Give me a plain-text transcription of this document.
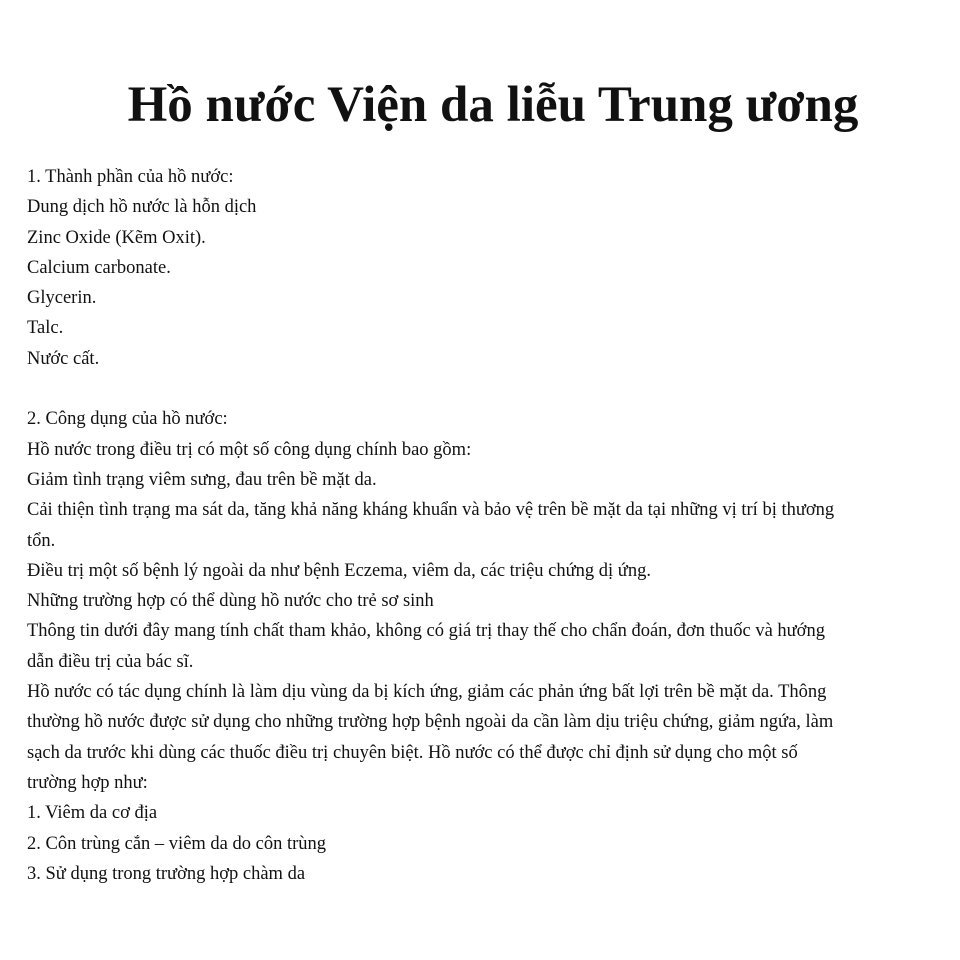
Hồ nước Viện da liễu Trung ương
1. Thành phần của hồ nước:
Dung dịch hồ nước là hỗn dịch
Zinc Oxide (Kẽm Oxit).
Calcium carbonate.
Glycerin.
Talc.
Nước cất.
2. Công dụng của hồ nước:
Hồ nước trong điều trị có một số công dụng chính bao gồm:
Giảm tình trạng viêm sưng, đau trên bề mặt da.
Cải thiện tình trạng ma sát da, tăng khả năng kháng khuẩn và bảo vệ trên bề mặt da tại những vị trí bị thương
tổn.
Điều trị một số bệnh lý ngoài da như bệnh Eczema, viêm da, các triệu chứng dị ứng.
Những trường hợp có thể dùng hồ nước cho trẻ sơ sinh
Thông tin dưới đây mang tính chất tham khảo, không có giá trị thay thế cho chẩn đoán, đơn thuốc và hướng
dẫn điều trị của bác sĩ.
Hồ nước có tác dụng chính là làm dịu vùng da bị kích ứng, giảm các phản ứng bất lợi trên bề mặt da. Thông
thường hồ nước được sử dụng cho những trường hợp bệnh ngoài da cần làm dịu triệu chứng, giảm ngứa, làm
sạch da trước khi dùng các thuốc điều trị chuyên biệt. Hồ nước có thể được chỉ định sử dụng cho một số
trường hợp như:
1. Viêm da cơ địa
2. Côn trùng cắn – viêm da do côn trùng
3. Sử dụng trong trường hợp chàm da
